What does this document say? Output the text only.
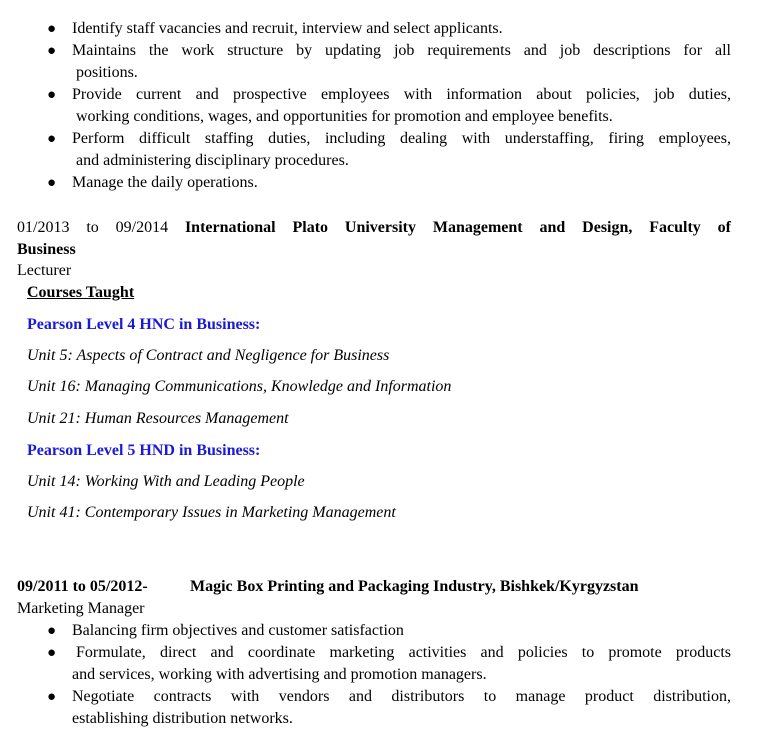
● Identify staff vacancies and recruit, interview and select applicants.
● Maintains the work structure by updating job requirements and job descriptions for all
positions.
● Provide current and prospective employees with information about policies, job duties,
working conditions, wages, and opportunities for promotion and employee benefits.
● Perform difficult staffing duties, including dealing with understaffing, firing employees,
and administering disciplinary procedures.
● Manage the daily operations.
01/2013 to 09/2014 International Plato University Management and Design, Faculty of
Business
Lecturer
Courses Taught
Pearson Level 4 HNC in Business:
Unit 5: Aspects of Contract and Negligence for Business
Unit 16: Managing Communications, Knowledge and Information
Unit 21: Human Resources Management
Pearson Level 5 HND in Business:
Unit 14: Working With and Leading People
Unit 41: Contemporary Issues in Marketing Management
09/2011 to 05/2012-	Magic Box Printing and Packaging Industry, Bishkek/Kyrgyzstan
Marketing Manager
● Balancing firm objectives and customer satisfaction
● Formulate, direct and coordinate marketing activities and policies to promote products
and services, working with advertising and promotion managers.
● Negotiate contracts with vendors and distributors to manage product distribution,
establishing distribution networks.
